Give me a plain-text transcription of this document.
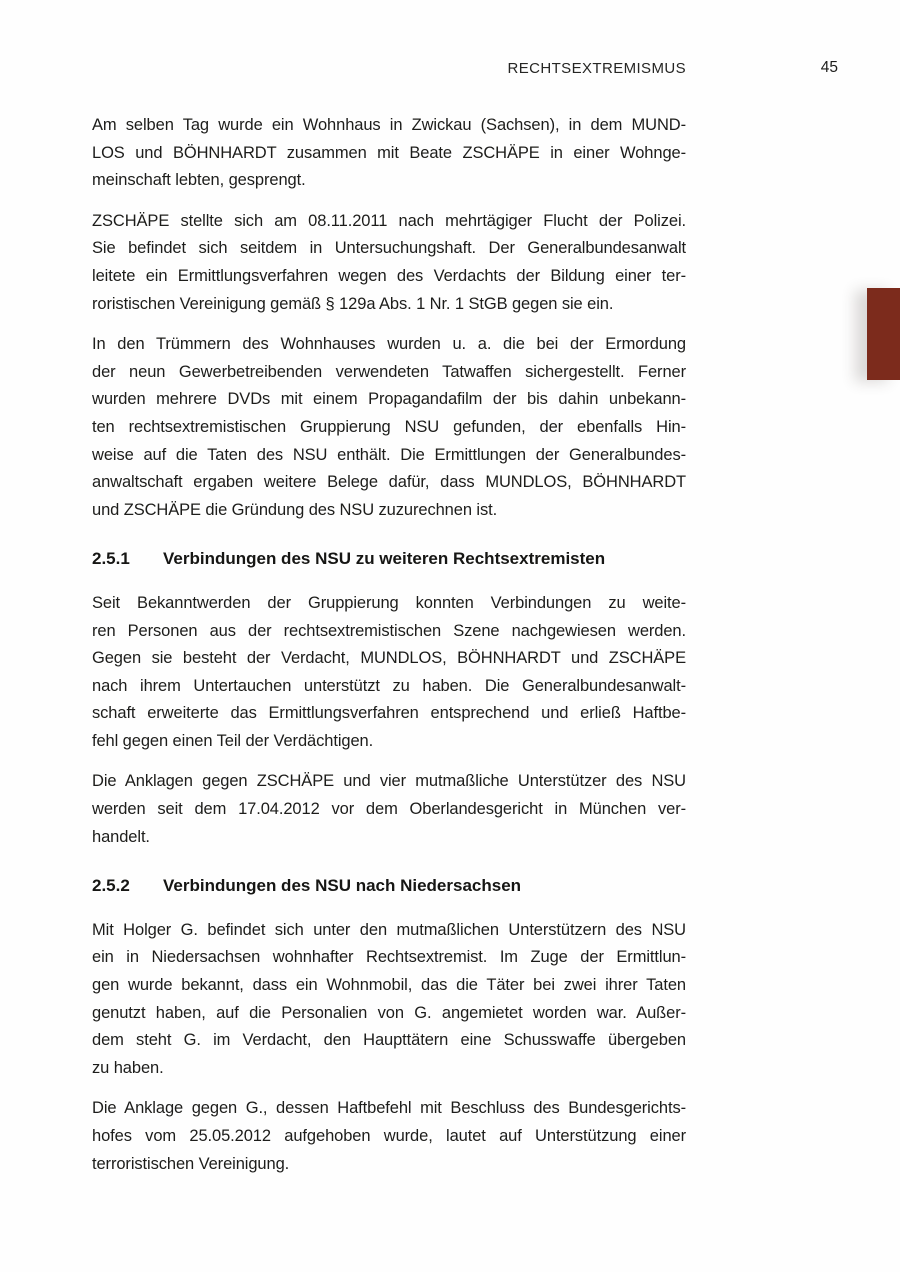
RECHTSEXTREMISMUS	45
Am selben Tag wurde ein Wohnhaus in Zwickau (Sachsen), in dem MUND-
LOS und BÖHNHARDT zusammen mit Beate ZSCHÄPE in einer Wohnge-
meinschaft lebten, gesprengt.
ZSCHÄPE stellte sich am 08.11.2011 nach mehrtägiger Flucht der Polizei.
Sie befindet sich seitdem in Untersuchungshaft. Der Generalbundesanwalt
leitete ein Ermittlungsverfahren wegen des Verdachts der Bildung einer ter-
roristischen Vereinigung gemäß § 129a Abs. 1 Nr. 1 StGB gegen sie ein.
In den Trümmern des Wohnhauses wurden u. a. die bei der Ermordung
der neun Gewerbetreibenden verwendeten Tatwaffen sichergestellt. Ferner
wurden mehrere DVDs mit einem Propagandafilm der bis dahin unbekann-
ten rechtsextremistischen Gruppierung NSU gefunden, der ebenfalls Hin-
weise auf die Taten des NSU enthält. Die Ermittlungen der Generalbundes-
anwaltschaft ergaben weitere Belege dafür, dass MUNDLOS, BÖHNHARDT
und ZSCHÄPE die Gründung des NSU zuzurechnen ist.
2.5.1	Verbindungen des NSU zu weiteren Rechtsextremisten
Seit Bekanntwerden der Gruppierung konnten Verbindungen zu weite-
ren Personen aus der rechtsextremistischen Szene nachgewiesen werden.
Gegen sie besteht der Verdacht, MUNDLOS, BÖHNHARDT und ZSCHÄPE
nach ihrem Untertauchen unterstützt zu haben. Die Generalbundesanwalt-
schaft erweiterte das Ermittlungsverfahren entsprechend und erließ Haftbe-
fehl gegen einen Teil der Verdächtigen.
Die Anklagen gegen ZSCHÄPE und vier mutmaßliche Unterstützer des NSU
werden seit dem 17.04.2012 vor dem Oberlandesgericht in München ver-
handelt.
2.5.2	Verbindungen des NSU nach Niedersachsen
Mit Holger G. befindet sich unter den mutmaßlichen Unterstützern des NSU
ein in Niedersachsen wohnhafter Rechtsextremist. Im Zuge der Ermittlun-
gen wurde bekannt, dass ein Wohnmobil, das die Täter bei zwei ihrer Taten
genutzt haben, auf die Personalien von G. angemietet worden war. Außer-
dem steht G. im Verdacht, den Haupttätern eine Schusswaffe übergeben
zu haben.
Die Anklage gegen G., dessen Haftbefehl mit Beschluss des Bundesgerichts-
hofes vom 25.05.2012 aufgehoben wurde, lautet auf Unterstützung einer
terroristischen Vereinigung.
